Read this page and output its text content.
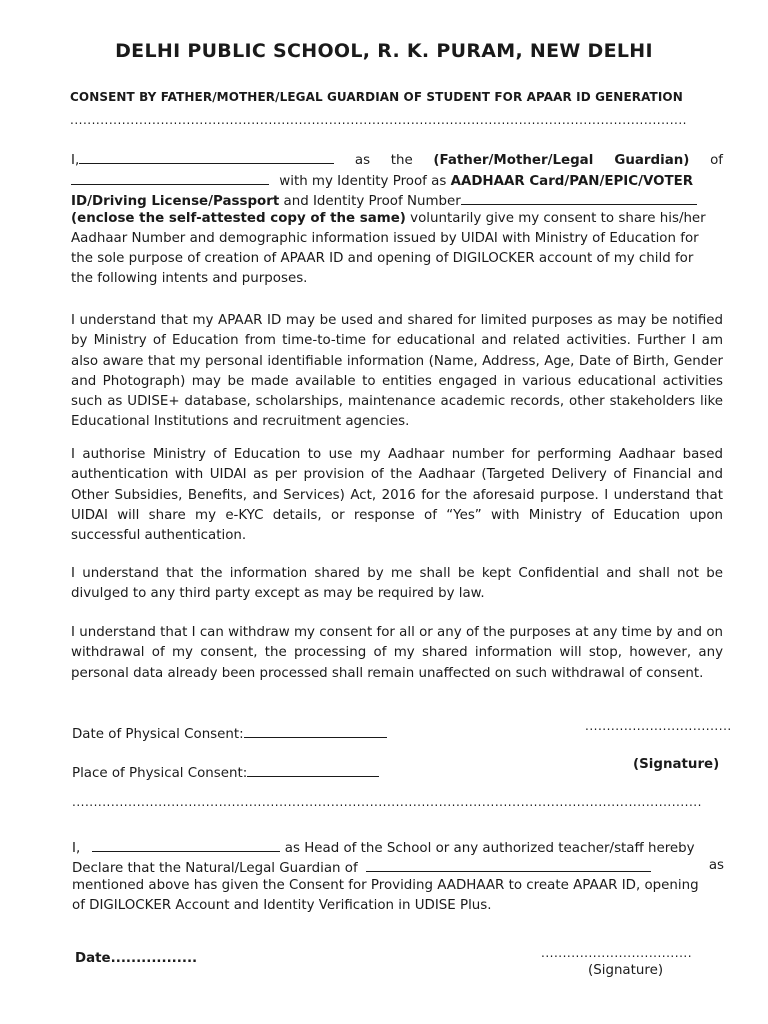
DELHI PUBLIC SCHOOL, R. K. PURAM, NEW DELHI
CONSENT BY FATHER/MOTHER/LEGAL GUARDIAN OF STUDENT FOR APAAR ID GENERATION
...............................................................................................................................................
I,	as the (Father/Mother/Legal Guardian) of
with my Identity Proof as AADHAAR Card/PAN/EPIC/VOTER
ID/Driving License/Passport and Identity Proof Number
(enclose the self-attested copy of the same) voluntarily give my consent to share his/her
Aadhaar Number and demographic information issued by UIDAI with Ministry of Education for
the sole purpose of creation of APAAR ID and opening of DIGILOCKER account of my child for
the following intents and purposes.
I understand that my APAAR ID may be used and shared for limited purposes as may be notified by Ministry of Education from time-to-time for educational and related activities. Further I am also aware that my personal identifiable information (Name, Address, Age, Date of Birth, Gender and Photograph) may be made available to entities engaged in various educational activities such as UDISE+ database, scholarships, maintenance academic records, other stakeholders like Educational Institutions and recruitment agencies.
I authorise Ministry of Education to use my Aadhaar number for performing Aadhaar based authentication with UIDAI as per provision of the Aadhaar (Targeted Delivery of Financial and Other Subsidies, Benefits, and Services) Act, 2016 for the aforesaid purpose. I understand that UIDAI will share my e-KYC details, or response of “Yes” with Ministry of Education upon successful authentication.
I understand that the information shared by me shall be kept Confidential and shall not be divulged to any third party except as may be required by law.
I understand that I can withdraw my consent for all or any of the purposes at any time by and on withdrawal of my consent, the processing of my shared information will stop, however, any personal data already been processed shall remain unaffected on such withdrawal of consent.
Date of Physical Consent:
..................................
Place of Physical Consent:
(Signature)
..................................................................................................................................................
I,	as Head of the School or any authorized teacher/staff hereby
Declare that the Natural/Legal Guardian of	as
mentioned above has given the Consent for Providing AADHAAR to create APAAR ID, opening
of DIGILOCKER Account and Identity Verification in UDISE Plus.
Date.................	...................................
(Signature)
